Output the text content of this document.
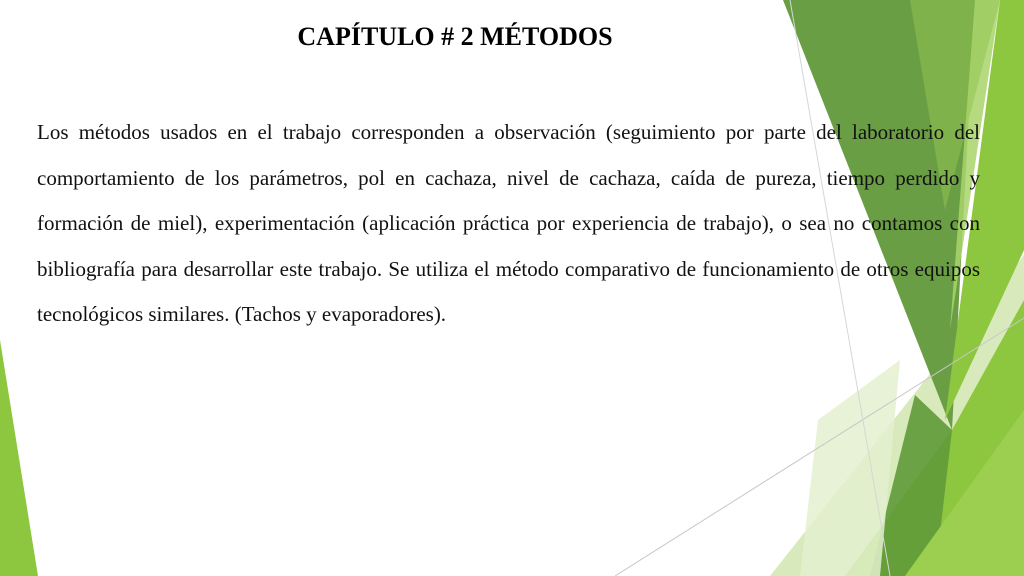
CAPÍTULO # 2 MÉTODOS

Los métodos usados en el trabajo corresponden a observación (seguimiento por parte del laboratorio del comportamiento de los parámetros, pol en cachaza, nivel de cachaza, caída de pureza, tiempo perdido y formación de miel), experimentación (aplicación práctica por experiencia de trabajo), o sea no contamos con bibliografía para desarrollar este trabajo. Se utiliza el método comparativo de funcionamiento de otros equipos tecnológicos similares. (Tachos y evaporadores).
